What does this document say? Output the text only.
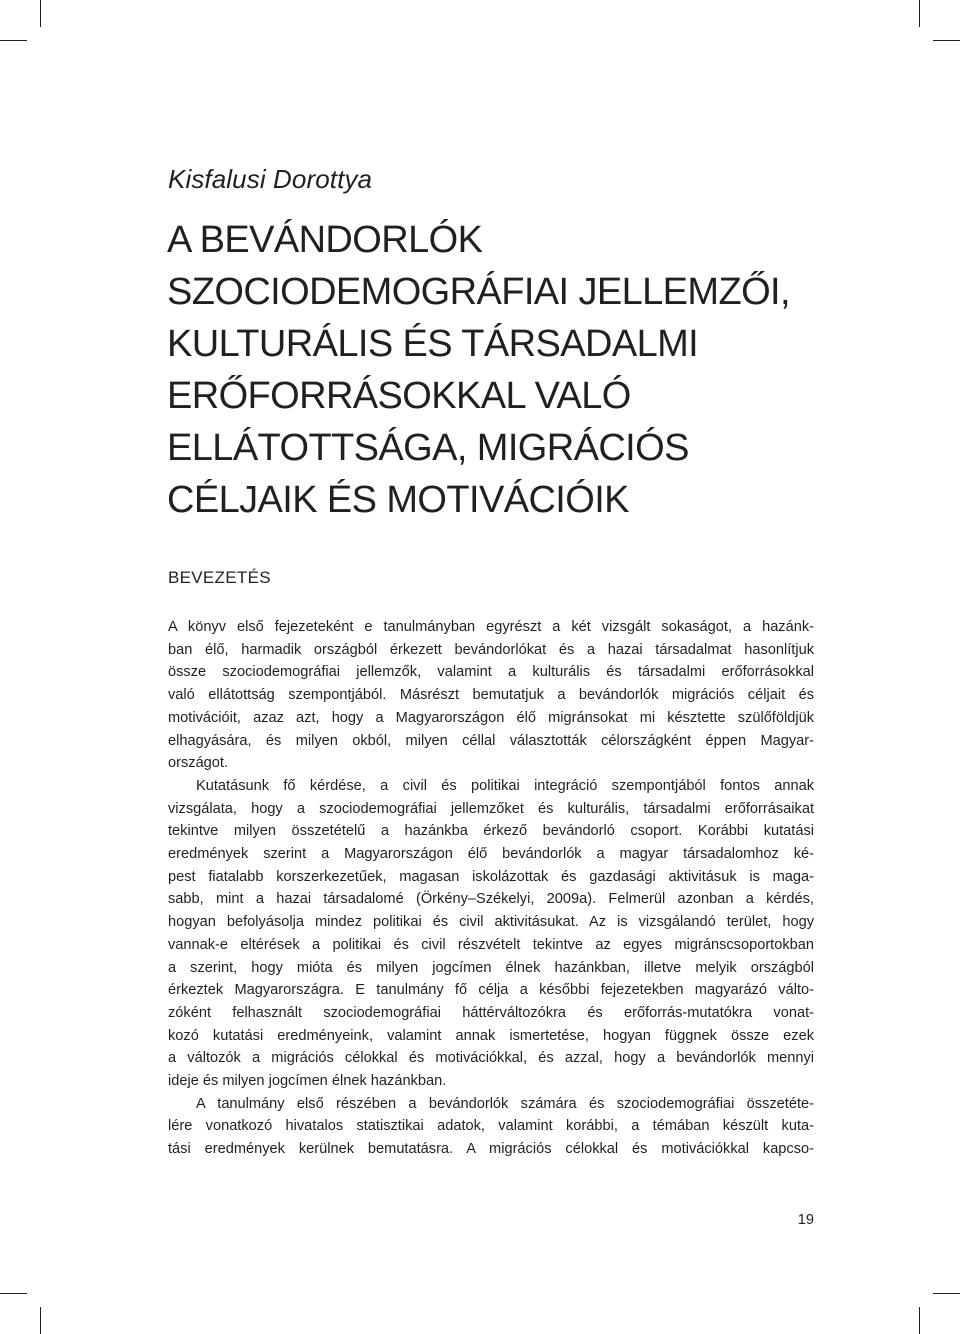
Kisfalusi Dorottya
A BEVÁNDORLÓK
SZOCIODEMOGRÁFIAI JELLEMZŐI,
KULTURÁLIS ÉS TÁRSADALMI
ERŐFORRÁSOKKAL VALÓ
ELLÁTOTTSÁGA, MIGRÁCIÓS
CÉLJAIK ÉS MOTIVÁCIÓIK
BEVEZETÉS
A könyv első fejezeteként e tanulmányban egyrészt a két vizsgált sokaságot, a hazánk-
ban élő, harmadik országból érkezett bevándorlókat és a hazai társadalmat hasonlítjuk
össze szociodemográfiai jellemzők, valamint a kulturális és társadalmi erőforrásokkal
való ellátottság szempontjából. Másrészt bemutatjuk a bevándorlók migrációs céljait és
motivációit, azaz azt, hogy a Magyarországon élő migránsokat mi késztette szülőföldjük
elhagyására, és milyen okból, milyen céllal választották célországként éppen Magyar-
országot.
Kutatásunk fő kérdése, a civil és politikai integráció szempontjából fontos annak
vizsgálata, hogy a szociodemográfiai jellemzőket és kulturális, társadalmi erőforrásaikat
tekintve milyen összetételű a hazánkba érkező bevándorló csoport. Korábbi kutatási
eredmények szerint a Magyarországon élő bevándorlók a magyar társadalomhoz ké-
pest fiatalabb korszerkezetűek, magasan iskolázottak és gazdasági aktivitásuk is maga-
sabb, mint a hazai társadalomé (Örkény–Székelyi, 2009a). Felmerül azonban a kérdés,
hogyan befolyásolja mindez politikai és civil aktivitásukat. Az is vizsgálandó terület, hogy
vannak-e eltérések a politikai és civil részvételt tekintve az egyes migránscsoportokban
a szerint, hogy mióta és milyen jogcímen élnek hazánkban, illetve melyik országból
érkeztek Magyarországra. E tanulmány fő célja a későbbi fejezetekben magyarázó válto-
zóként felhasznált szociodemográfiai háttérváltozókra és erőforrás-mutatókra vonat-
kozó kutatási eredményeink, valamint annak ismertetése, hogyan függnek össze ezek
a változók a migrációs célokkal és motivációkkal, és azzal, hogy a bevándorlók mennyi
ideje és milyen jogcímen élnek hazánkban.
A tanulmány első részében a bevándorlók számára és szociodemográfiai összetéte-
lére vonatkozó hivatalos statisztikai adatok, valamint korábbi, a témában készült kuta-
tási eredmények kerülnek bemutatásra. A migrációs célokkal és motivációkkal kapcso-
19
